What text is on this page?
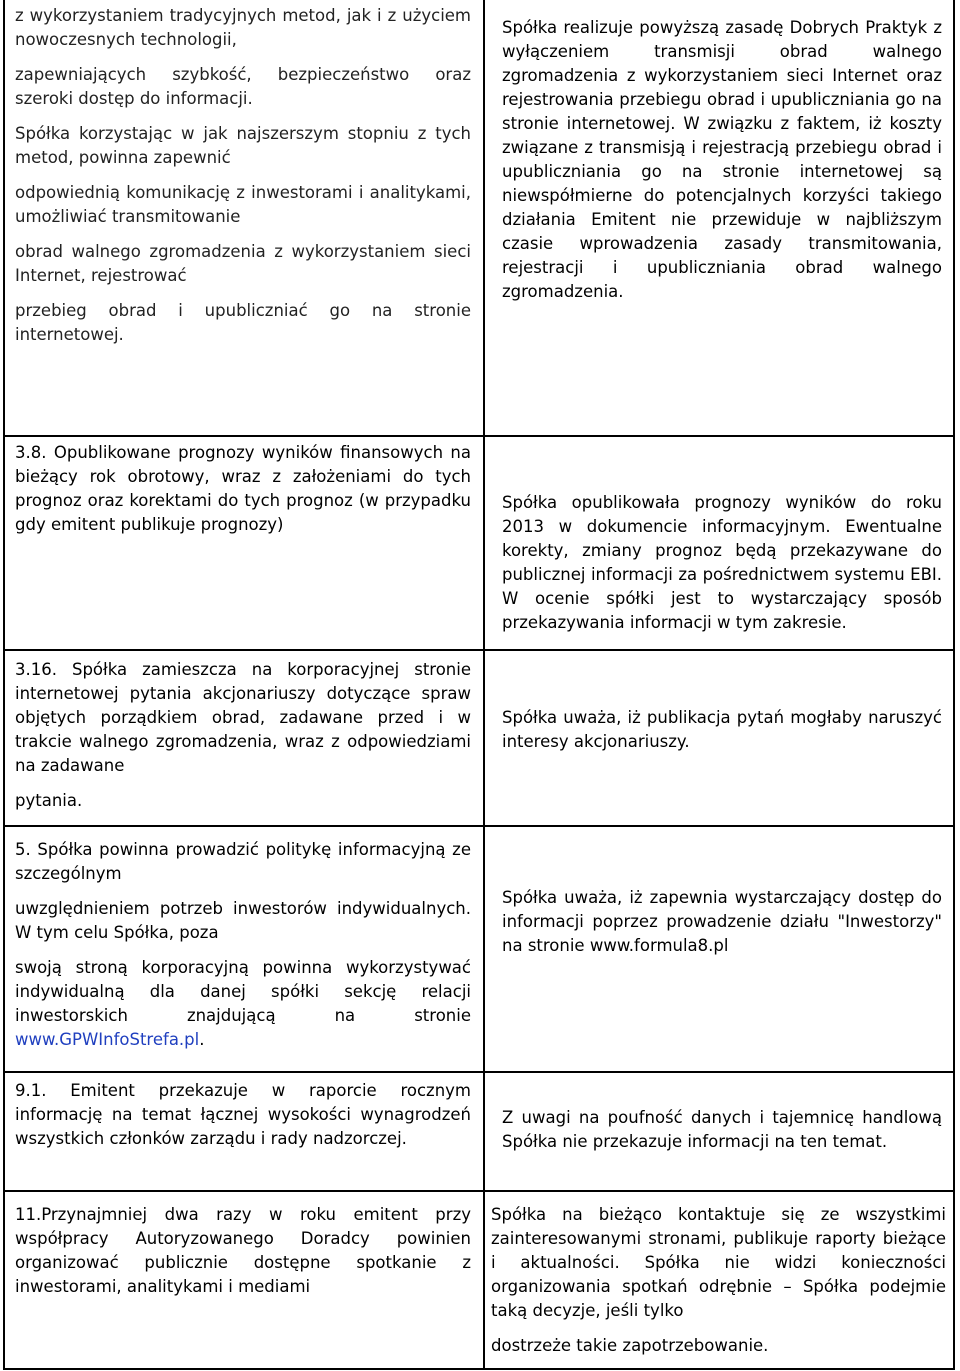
z wykorzystaniem tradycyjnych metod, jak i z użyciem nowoczesnych technologii,

zapewniających szybkość, bezpieczeństwo oraz szeroki dostęp do informacji.

Spółka korzystając w jak najszerszym stopniu z tych metod, powinna zapewnić

odpowiednią komunikację z inwestorami i analitykami, umożliwiać transmitowanie

obrad walnego zgromadzenia z wykorzystaniem sieci Internet, rejestrować

przebieg obrad i upubliczniać go na stronie internetowej.

Spółka realizuje powyższą zasadę Dobrych Praktyk z wyłączeniem transmisji obrad walnego zgromadzenia z wykorzystaniem sieci Internet oraz rejestrowania przebiegu obrad i upubliczniania go na stronie internetowej. W związku z faktem, iż koszty związane z transmisją i rejestracją przebiegu obrad i upubliczniania go na stronie internetowej są niewspółmierne do potencjalnych korzyści takiego działania Emitent nie przewiduje w najbliższym czasie wprowadzenia zasady transmitowania, rejestracji i upubliczniania obrad walnego zgromadzenia.

3.8. Opublikowane prognozy wyników finansowych na bieżący rok obrotowy, wraz z założeniami do tych prognoz oraz korektami do tych prognoz (w przypadku gdy emitent publikuje prognozy)

Spółka opublikowała prognozy wyników do roku 2013 w dokumencie informacyjnym. Ewentualne korekty, zmiany prognoz będą przekazywane do publicznej informacji za pośrednictwem systemu EBI. W ocenie spółki jest to wystarczający sposób przekazywania informacji w tym zakresie.

3.16. Spółka zamieszcza na korporacyjnej stronie internetowej pytania akcjonariuszy dotyczące spraw objętych porządkiem obrad, zadawane przed i w trakcie walnego zgromadzenia, wraz z odpowiedziami na zadawane

pytania.

Spółka uważa, iż publikacja pytań mogłaby naruszyć interesy akcjonariuszy.

5. Spółka powinna prowadzić politykę informacyjną ze szczególnym

uwzględnieniem potrzeb inwestorów indywidualnych. W tym celu Spółka, poza

swoją stroną korporacyjną powinna wykorzystywać indywidualną dla danej spółki sekcję relacji inwestorskich znajdującą na stronie www.GPWInfoStrefa.pl.

Spółka uważa, iż zapewnia wystarczający dostęp do informacji poprzez prowadzenie działu "Inwestorzy" na stronie www.formula8.pl

9.1. Emitent przekazuje w raporcie rocznym informację na temat łącznej wysokości wynagrodzeń wszystkich członków zarządu i rady nadzorczej.

Z uwagi na poufność danych i tajemnicę handlową Spółka nie przekazuje informacji na ten temat.

11.Przynajmniej dwa razy w roku emitent przy współpracy Autoryzowanego Doradcy powinien organizować publicznie dostępne spotkanie z inwestorami, analitykami i mediami

Spółka na bieżąco kontaktuje się ze wszystkimi zainteresowanymi stronami, publikuje raporty bieżące i aktualności. Spółka nie widzi konieczności organizowania spotkań odrębnie – Spółka podejmie taką decyzje, jeśli tylko

dostrzeże takie zapotrzebowanie.
